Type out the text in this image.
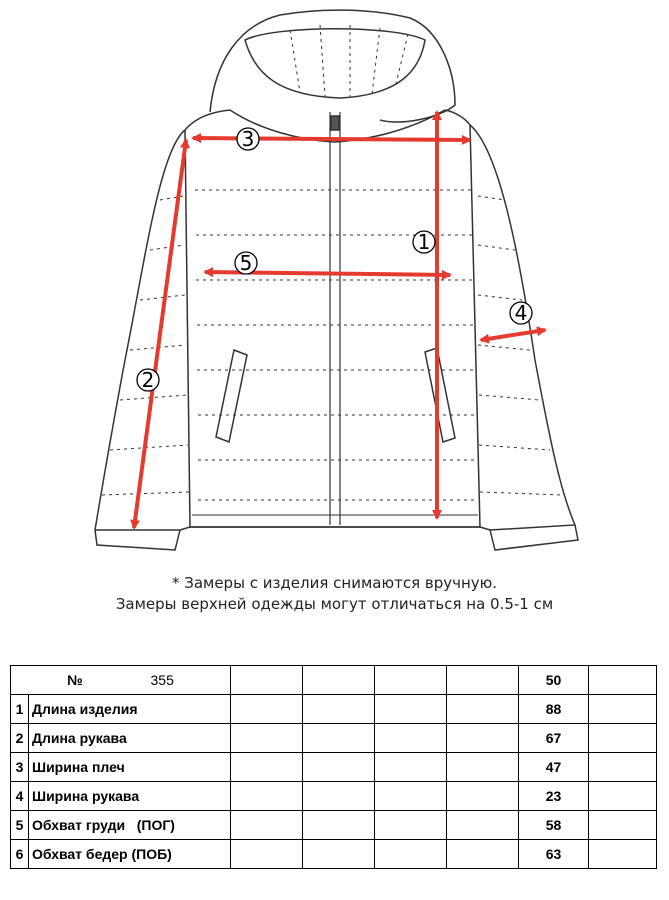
1
2
3
4
5
* Замеры с изделия снимаются вручную.
Замеры верхней одежды могут отличаться на 0.5-1 см
№ 355						50	
1	Длина изделия					88	
2	Длина рукава					67	
3	Ширина плеч					47	
4	Ширина рукава					23	
5	Обхват груди   (ПОГ)					58	
6	Обхват бедер (ПОБ)					63	
